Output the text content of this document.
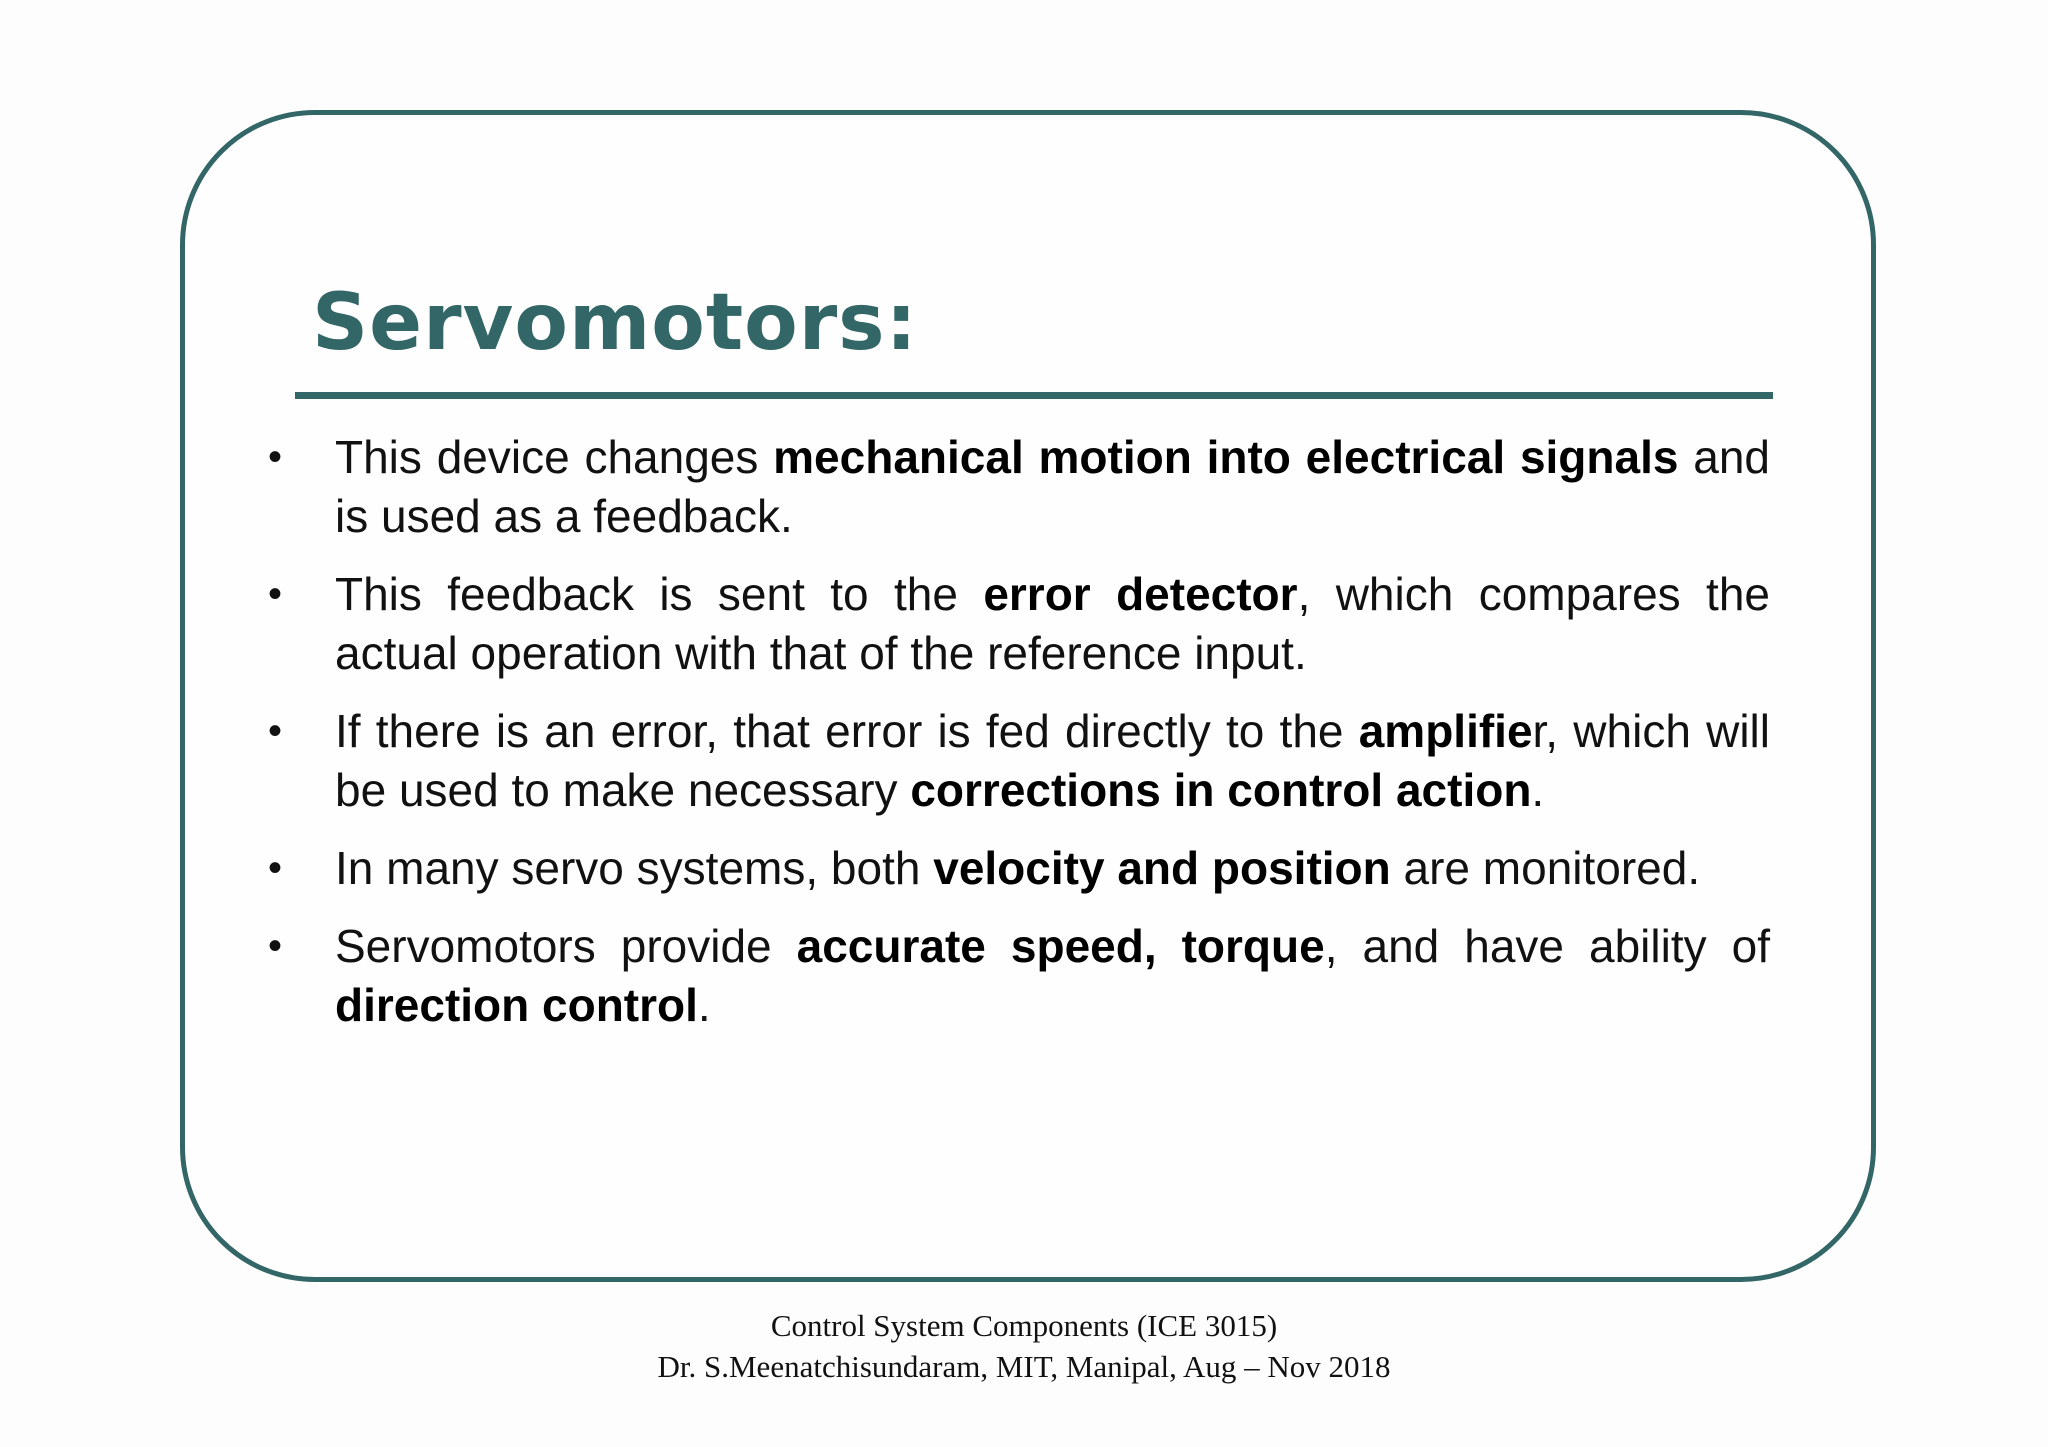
Servomotors:
• This device changes mechanical motion into electrical signals and is used as a feedback.
• This feedback is sent to the error detector, which compares the actual operation with that of the reference input.
• If there is an error, that error is fed directly to the amplifier, which will be used to make necessary corrections in control action.
• In many servo systems, both velocity and position are monitored.
• Servomotors provide accurate speed, torque, and have ability of direction control.
Control System Components (ICE 3015)
Dr. S.Meenatchisundaram, MIT, Manipal, Aug – Nov 2018
